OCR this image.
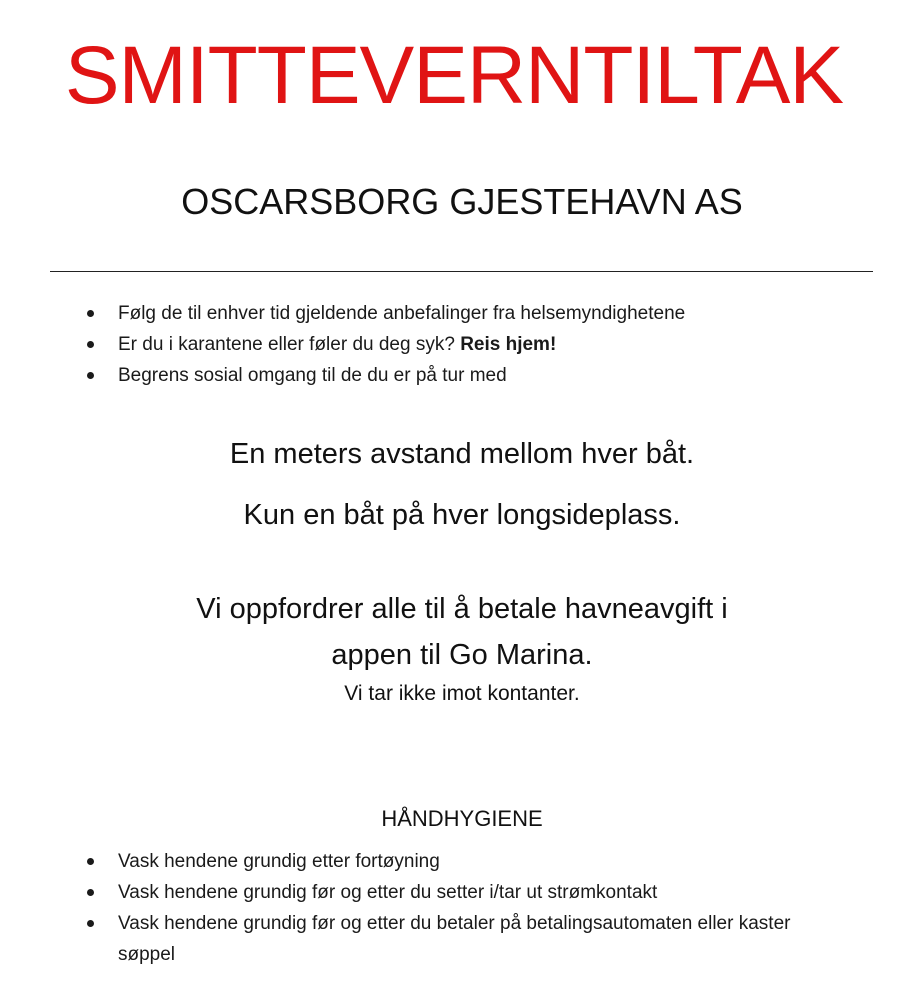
SMITTEVERNTILTAK
OSCARSBORG GJESTEHAVN AS
Følg de til enhver tid gjeldende anbefalinger fra helsemyndighetene
Er du i karantene eller føler du deg syk? Reis hjem!
Begrens sosial omgang til de du er på tur med
En meters avstand mellom hver båt.
Kun en båt på hver longsideplass.
Vi oppfordrer alle til å betale havneavgift i
appen til Go Marina.
Vi tar ikke imot kontanter.
HÅNDHYGIENE
Vask hendene grundig etter fortøyning
Vask hendene grundig før og etter du setter i/tar ut strømkontakt
Vask hendene grundig før og etter du betaler på betalingsautomaten eller kaster
søppel
